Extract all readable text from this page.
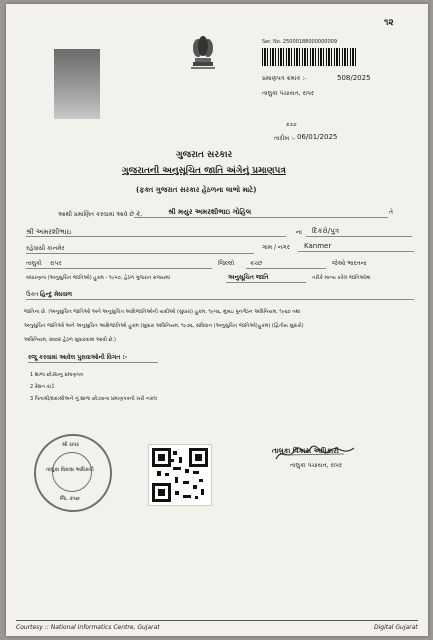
૧૨
Ser. No. 25000188000000009
પ્રમાણપત્ર ક્રમાંક :-	508/2025
તાલુકા પંચાયત, રાપર
ક્ર૭૭
તારીખ :- 06/01/2025
ગુજરાત સરકાર
ગુજરાતની અનુસૂચિત જાતિ અંગેનું પ્રમાણપત્ર
(ફક્ત ગુજરાત સરકાર હેઠળના લાભો માટે)
આથી પ્રમાણિત કરવામાં આવે છે કે,	શ્રી મયુર અમરશીભાઇ ગોહિલ	તે
શ્રી અમરશીભાઇ	ના દિકરો/પુત્ર
રહેવાસી કાનમેર	ગામ / નગર Kanmer
તાલુકો રાપર	જિલ્લો	કચ્છ	જેઓ ભારતના
બંધારણના (અનુસુચિત જાતિઓ) હુકમ - ૧૯૫૦, હેઠળ ગુજરાત રાજ્યમાં	અનુસૂચિત જાતિ	તરીકે માન્ય કરેલ જાતિઓમાં
ઉક્ત હિન્દુ મેઘવાળ
જાતિના છે. (અનુસુચિત જાતિઓ અને અનુસુચિત આદિજાતિઓની યાદીઓ (સુધારા) હુકમ, ૧૯૫૬, મુંબઇ પુનર્ગઠન અધિનિયમ, ૧૯૬૦ તથા
અનુસુચિત જાતિઓ અને અનુસુચિત આદિજાતિઓ હુકમ (સુધારા અધિનિયમ, ૧૯૭૬, સંવિધાન (અનુસુચિત જાતિઓ)હુકમ) (દ્વિતીય સુધારો)
અધિનિયમ, ૨૦૦૨ હેઠળ સુધારવામાં આવી છે.)
રજૂ કરવામાં આવેલ પુરાવાઓની વિગત :-
1 શાળા છોડ્યાનુ પ્રમાણપત્ર
2 રેશન કાર્ડ
3 પિતાશ્રી/દાદાશ્રીઅને નું શાળા છોડવાના પ્રમાણપત્રની ખરી નકલ
શ્રી રાપર
તાલુકા વિકાસ અધિકારી
જિ. કચ્છ
તાલુકા વિકાસ અધિકારી
તાલુકા પંચાયત, રાપર
Courtesy :: National Informatics Centre, Gujarat	Digital Gujarat
